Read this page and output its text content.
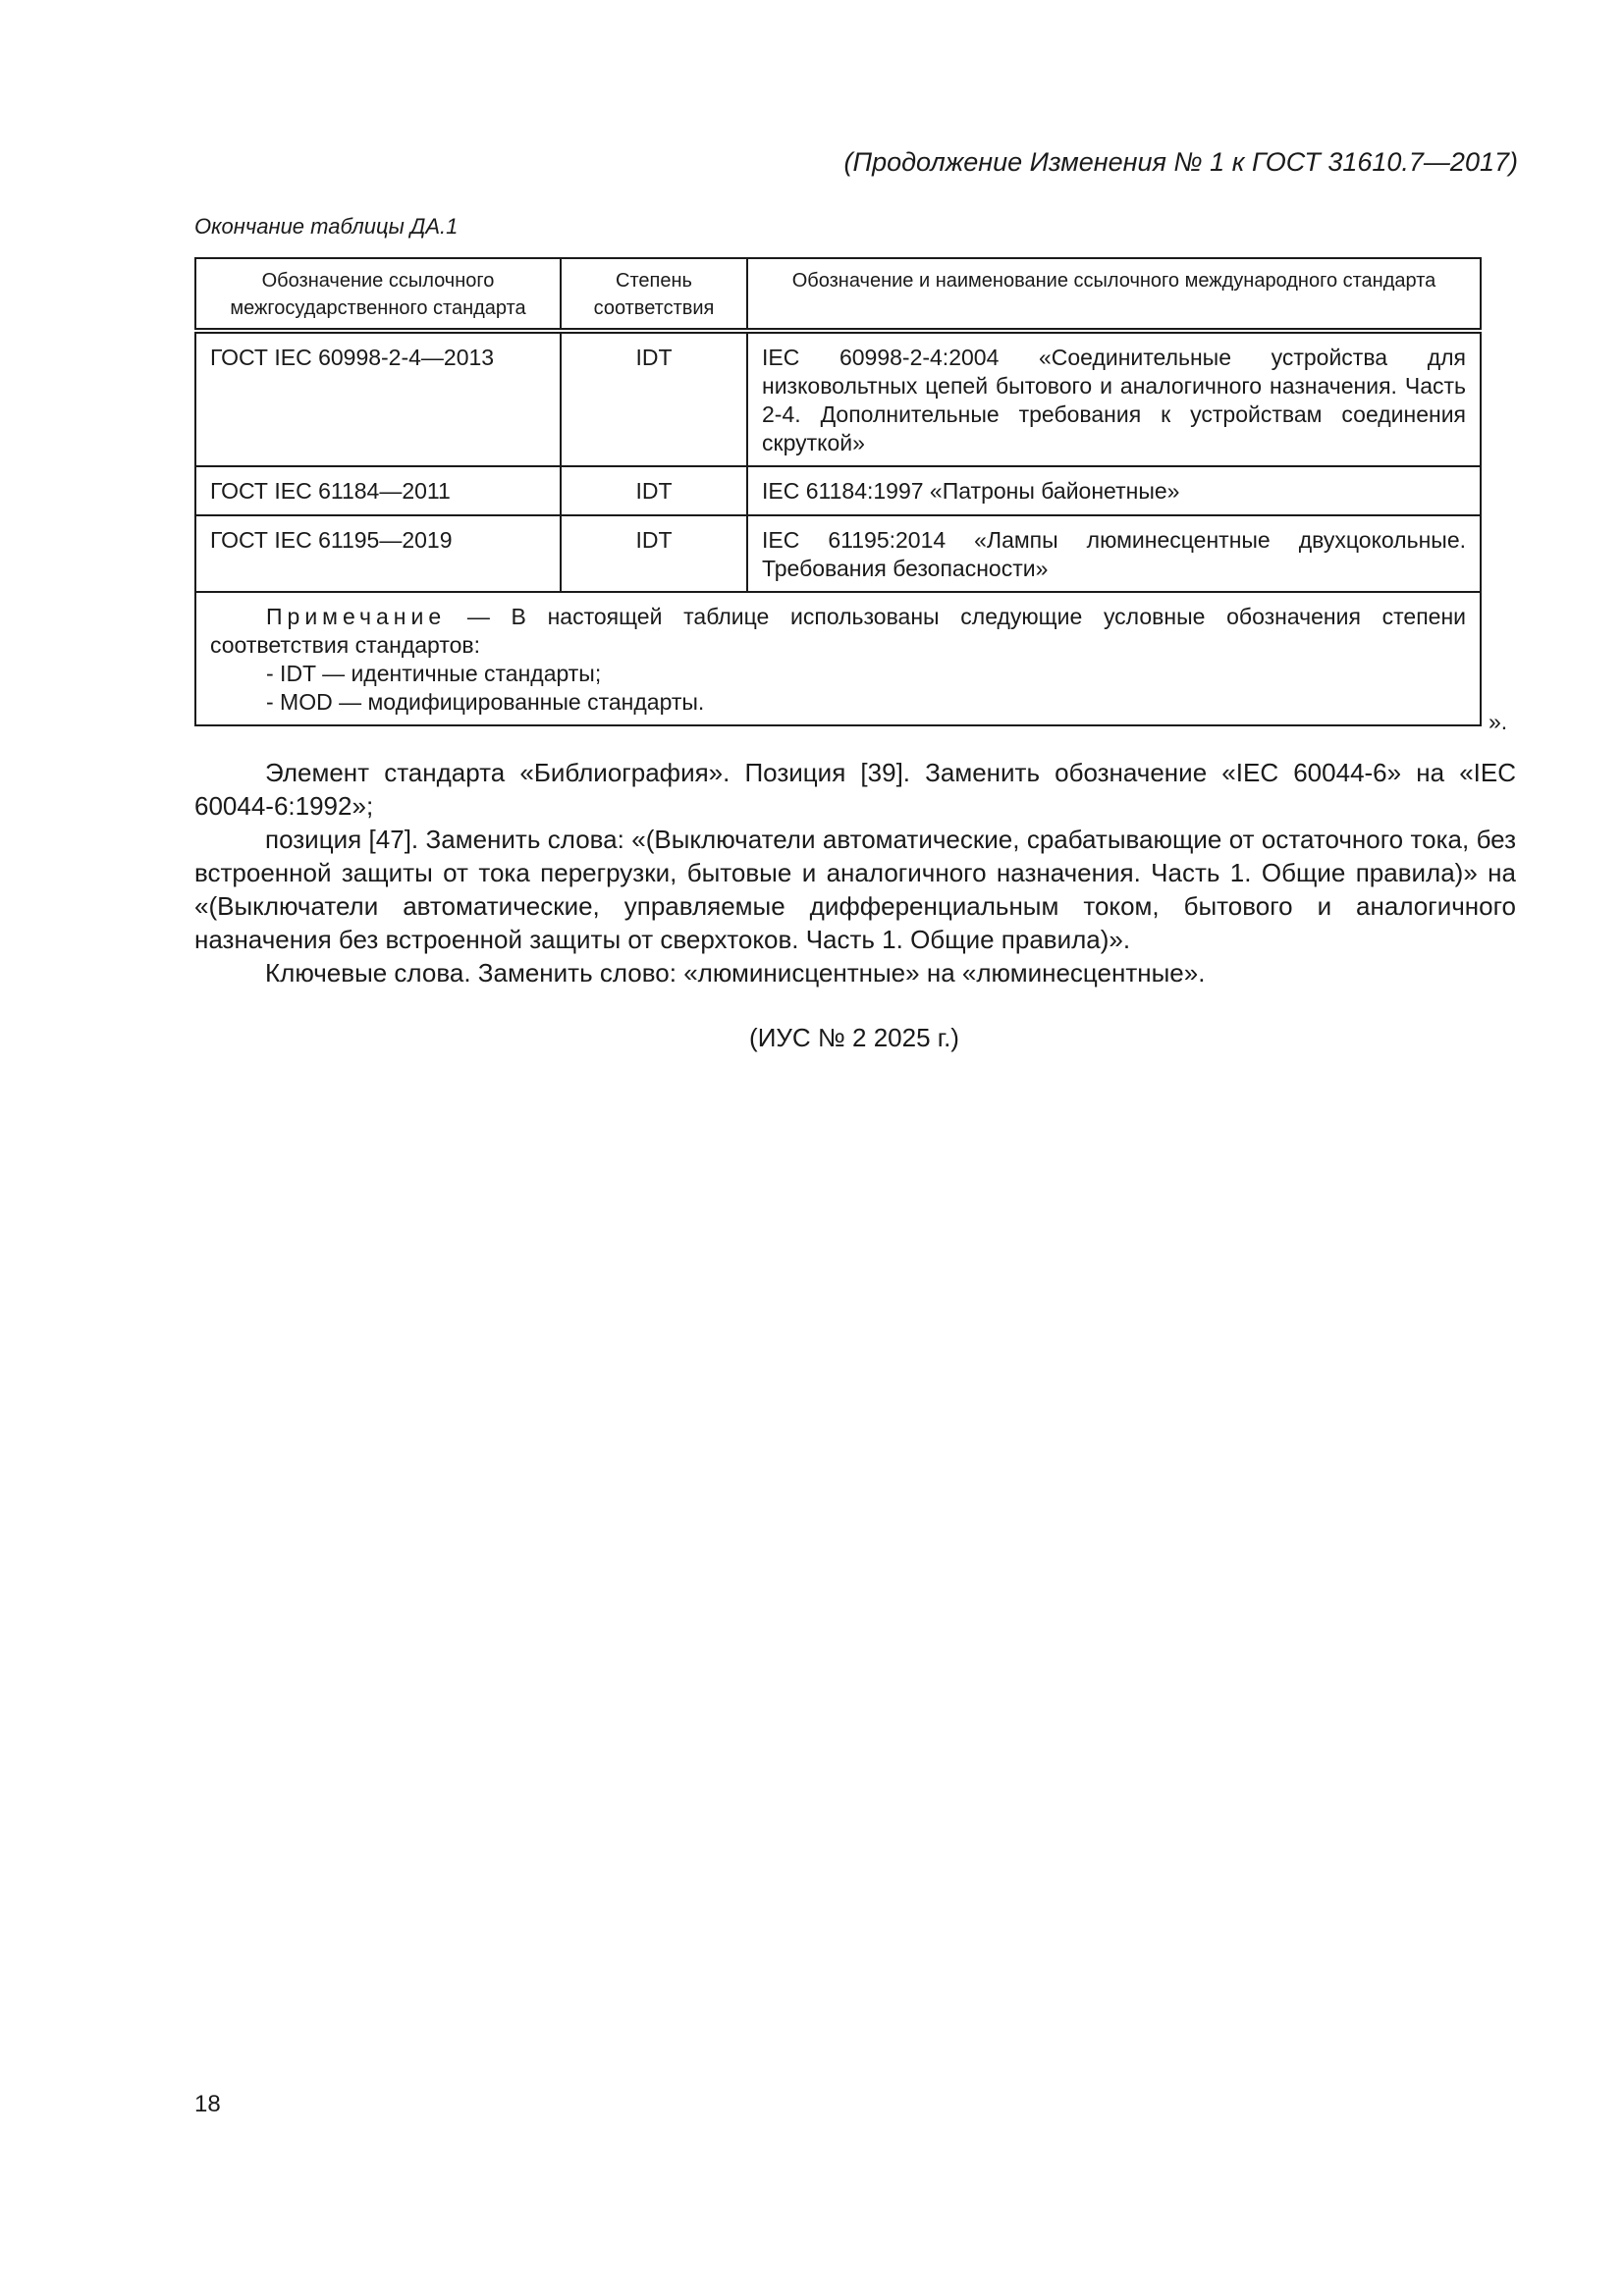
(Продолжение Изменения № 1 к ГОСТ 31610.7—2017)
Окончание таблицы ДА.1
Обозначение ссылочного межгосударственного стандарта	Степень соответствия	Обозначение и наименование ссылочного международного стандарта
ГОСТ IEC 60998-2-4—2013	IDT	IEC 60998-2-4:2004 «Соединительные устройства для низковольтных цепей бытового и аналогичного назначения. Часть 2-4. Дополнительные требования к устройствам соединения скруткой»
ГОСТ IEC 61184—2011	IDT	IEC 61184:1997 «Патроны байонетные»
ГОСТ IEC 61195—2019	IDT	IEC 61195:2014 «Лампы люминесцентные двухцокольные. Требования безопасности»

Примечание — В настоящей таблице использованы следующие условные обозначения степени соответствия стандартов:

- IDT — идентичные стандарты;

- MOD — модифицированные стандарты.		

».

Элемент стандарта «Библиография». Позиция [39]. Заменить обозначение «IEC 60044-6» на «IEC 60044-6:1992»;

позиция [47]. Заменить слова: «(Выключатели автоматические, срабатывающие от остаточного тока, без встроенной защиты от тока перегрузки, бытовые и аналогичного назначения. Часть 1. Общие правила)» на «(Выключатели автоматические, управляемые дифференциальным током, бытового и аналогичного назначения без встроенной защиты от сверхтоков. Часть 1. Общие правила)».

Ключевые слова. Заменить слово: «люминисцентные» на «люминесцентные».

(ИУС № 2 2025 г.)
18
